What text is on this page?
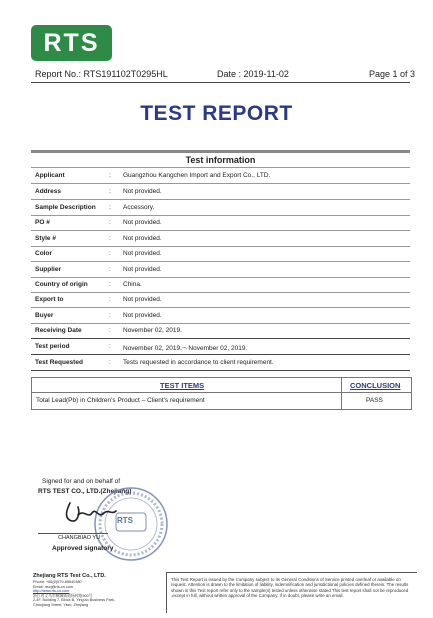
RTS
Report No.: RTS191102T0295HL	Date : 2019-11-02	Page 1 of 3
TEST REPORT
Test information
Applicant	: Guangzhou Kangchen Import and Export Co., LTD.
Address	: Not provided.
Sample Description : Accessory.
PO #	: Not provided.
Style #	: Not provided.
Color	: Not provided.
Supplier	: Not provided.
Country of origin	: China.
Export to	: Not provided.
Buyer	: Not provided.
Receiving Date	: November 02, 2019.
Test period	: November 02, 2019.～November 02, 2019.
Test Requested	: Tests requested in accordance to client requirement.
TEST ITEMS	CONCLUSION
Total Lead(Pb) in Children's Product – Client's requirement	PASS
Signed for and on behalf of
RTS TEST CO., LTD.(Zhejiang)
RTS
CHANGBIAO YU
Approved signatory
Zhejiang RTS Test Co., LTD.
Phone: +86(0)579-85640380
Email: rtszj@rts-cn.com
http://www.rts-cn.com
浙江省义乌市稠城街道杨村路300号
2-4F, Building 7, Block B, Ying'ao Business Park,
Choujiang Street, Yiwu, Zhejiang
This Test Report is issued by the Company subject to its General Conditions of Service printed overleaf or available on request. Attention is drawn to the limitation of liability, indemnification and jurisdictional policies defined therein. The results shown in this Test report refer only to the sample(s) tested unless otherwise stated This test report shall not be reproduced ,except in full, without written approval of the Company. If in doubt, please write an email.
